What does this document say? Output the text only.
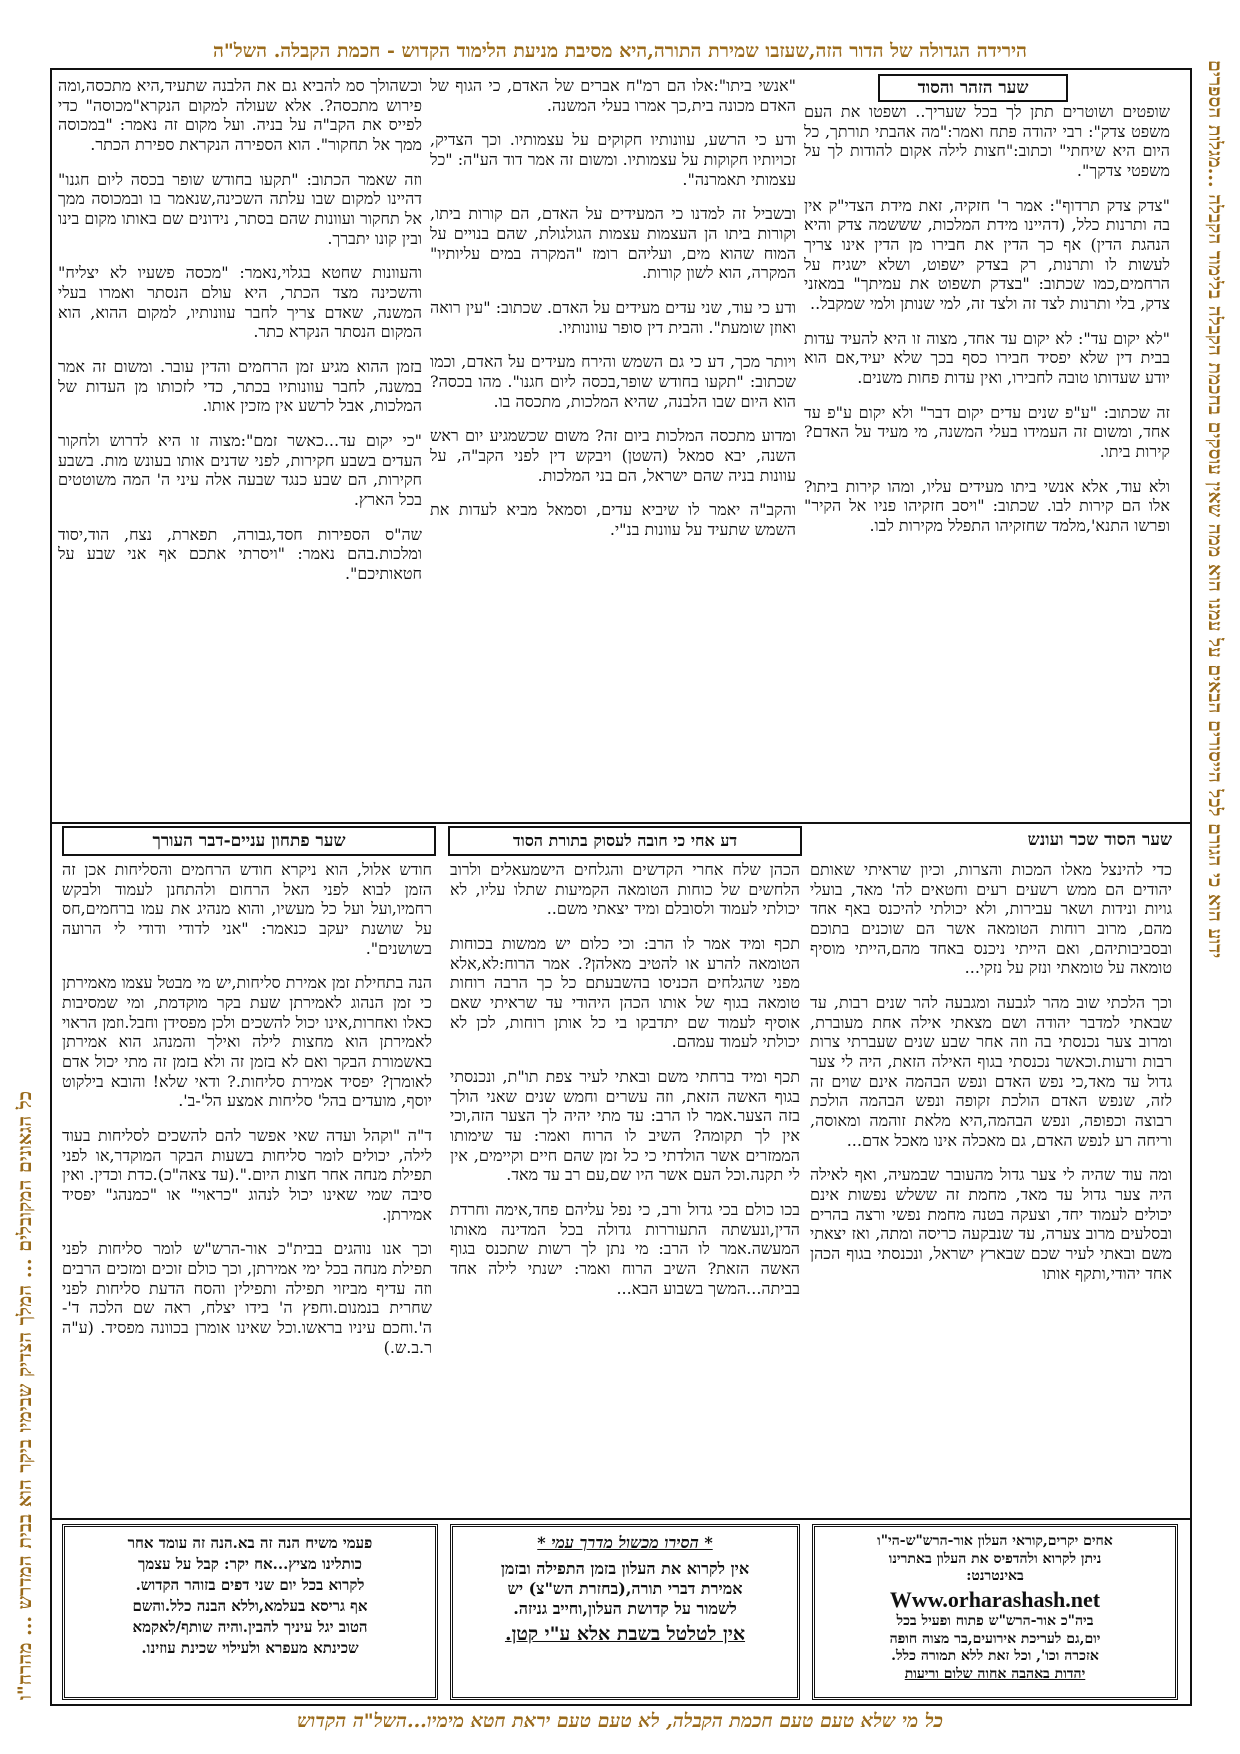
הירידה הגדולה של הדור הזה,שעזבו שמירת התורה,היא מסיבת מניעת הלימוד הקדוש - חכמת הקבלה. השל"ה
כל מי שלא טעם טעם חכמת הקבלה, לא טעם טעם יראת חטא מימיו...השל"ה הקדוש
ידוע הוא כי הגורם לכל הייסורים הבאים על עמנו הוא ממה שאין עוסקים בחכמת הקבלה בלימוד הקבלה ...מגלות הספרים
כל הגאונים המקובלים ... המלך הצדיק שבימיו ביקר הוא בבית המדרש ... מהרח"ו
שער הזהר והסוד

שופטים ושוטרים תתן לך בכל שעריך.. ושפטו את העם משפט צדק": רבי יהודה פתח ואמר:"מה אהבתי תורתך, כל היום היא שיחתי" וכתוב:"חצות לילה אקום להודות לך על משפטי צדקך".

"צדק צדק תרדוף": אמר ר' חזקיה, זאת מידת הצדי"ק אין בה ותרנות כלל, (דהיינו מידת המלכות, שששמה צדק והיא הנהגת הדין) אף כך הדין את חבירו מן הדין אינו צריך לעשות לו ותרנות, רק בצדק ישפוט, ושלא ישגיח על הרחמים,כמו שכתוב: "בצדק תשפוט את עמיתך" במאזני צדק, בלי ותרנות לצד זה ולצד זה, למי שנותן ולמי שמקבל..

"לא יקום עד": לא יקום עד אחד, מצוה זו היא להעיד עדות בבית דין שלא יפסיד חבירו כסף בכך שלא יעיד,אם הוא יודע שעדותו טובה לחבירו, ואין עדות פחות משנים.

זה שכתוב: "ע"פ שנים עדים יקום דבר" ולא יקום ע"פ עד אחד, ומשום זה העמידו בעלי המשנה, מי מעיד על האדם? קירות ביתו.

ולא עוד, אלא אנשי ביתו מעידים עליו, ומהו קירות ביתו? אלו הם קירות לבו. שכתוב: "ויסב חזקיהו פניו אל הקיר" ופרשו התנא',מלמד שחזקיהו התפלל מקירות לבו.

"אנשי ביתו":אלו הם רמ"ח אברים של האדם, כי הגוף של האדם מכונה בית,כך אמרו בעלי המשנה.

ודע כי הרשע, עוונותיו חקוקים על עצמותיו. וכך הצדיק, זכויותיו חקוקות על עצמותיו. ומשום זה אמר דוד הע"ה: "כל עצמותי תאמרנה".

ובשביל זה למדנו כי המעידים על האדם, הם קורות ביתו, וקורות ביתו הן העצמות עצמות הגולגולת, שהם בנויים על המוח שהוא מים, ועליהם רומז "המקרה במים עליותיו" המקרה, הוא לשון קורות.

ודע כי עוד, שני עדים מעידים על האדם. שכתוב: "עין רואה ואוזן שומעת". והבית דין סופר עוונותיו.

ויותר מכך, דע כי גם השמש והירח מעידים על האדם, וכמו שכתוב: "תקעו בחודש שופר,בכסה ליום חגנו". מהו בכסה? הוא היום שבו הלבנה, שהיא המלכות, מתכסה בו.

ומדוע מתכסה המלכות ביום זה? משום שכשמגיע יום ראש השנה, יבא סמאל (השטן) ויבקש דין לפני הקב"ה, על עוונות בניה שהם ישראל, הם בני המלכות.

והקב"ה יאמר לו שיביא עדים, וסמאל מביא לעדות את השמש שתעיד על עוונות בנ"י.

וכשהולך סמ להביא גם את הלבנה שתעיד,היא מתכסה,ומה פירוש מתכסה?. אלא שעולה למקום הנקרא"מכוסה" כדי לפייס את הקב"ה על בניה. ועל מקום זה נאמר: "במכוסה ממך אל תחקור". הוא הספירה הנקראת ספירת הכתר.

וזה שאמר הכתוב: "תקעו בחודש שופר בכסה ליום חגנו" דהיינו למקום שבו עלתה השכינה,שנאמר בו ובמכוסה ממך אל תחקור ועוונות שהם בסתר, נידונים שם באותו מקום בינו ובין קונו יתברך.

והעוונות שחטא בגלוי,נאמר: "מכסה פשעיו לא יצליח" והשכינה מצד הכתר, היא עולם הנסתר ואמרו בעלי המשנה, שאדם צריך לחבר עוונותיו, למקום ההוא, הוא המקום הנסתר הנקרא כתר.

בזמן ההוא מגיע זמן הרחמים והדין עובר. ומשום זה אמר במשנה, לחבר עוונותיו בכתר, כדי לזכותו מן העדות של המלכות, אבל לרשע אין מזכין אותו.

"כי יקום עד...כאשר זמם":מצוה זו היא לדרוש ולחקור העדים בשבע חקירות, לפני שדנים אותו בעונש מות. בשבע חקירות, הם שבע כנגד שבעה אלה עיני ה' המה משוטטים בכל הארץ.

שה"ס הספירות חסד,גבורה, תפארת, נצח, הוד,יסוד ומלכות.בהם נאמר: "ויסרתי אתכם אף אני שבע על חטאותיכם".

שער הסוד שכר ועונש
דע אחי כי חובה לעסוק בתורת הסוד
שער פתחון עניים-דבר העורך

כדי להינצל מאלו המכות והצרות, וכיון שראיתי שאותם יהודים הם ממש רשעים רעים וחטאים לה' מאד, בועלי גויות ונידות ושאר עבירות, ולא יכולתי להיכנס באף אחד מהם, מרוב רוחות הטומאה אשר הם שוכנים בתוכם ובסביבותיהם, ואם הייתי ניכנס באחד מהם,הייתי מוסיף טומאה על טומאתי ונזק על נזקי...

וכך הלכתי שוב מהר לגבעה ומגבעה להר שנים רבות, עד שבאתי למדבר יהודה ושם מצאתי אילה אחת מעוברת, ומרוב צער נכנסתי בה וזה אחר שבע שנים שעברתי צרות רבות ורעות.וכאשר נכנסתי בגוף האילה הזאת, היה לי צער גדול עד מאד,כי נפש האדם ונפש הבהמה אינם שוים זה לזה, שנפש האדם הולכת זקופה ונפש הבהמה הולכת רבוצה וכפופה, ונפש הבהמה,היא מלאת זוהמה ומאוסה, וריחה רע לנפש האדם, גם מאכלה אינו מאכל אדם...

ומה עוד שהיה לי צער גדול מהעובר שבמעיה, ואף לאילה היה צער גדול עד מאד, מחמת זה ששלש נפשות אינם יכולים לעמוד יחד, וצעקה בטנה מחמת נפשי ורצה בהרים ובסלעים מרוב צערה, עד שנבקעה כריסה ומתה, ואז יצאתי משם ובאתי לעיר שכם שבארץ ישראל, ונכנסתי בגוף הכהן אחד יהודי,ותקף אותו

הכהן שלח אחרי הקדשים והגלחים הישמעאלים ולרוב הלחשים של כוחות הטומאה הקמיעות שתלו עליו, לא יכולתי לעמוד ולסובלם ומיד יצאתי משם..

תכף ומיד אמר לו הרב: וכי כלום יש ממשות בכוחות הטומאה להרע או להטיב מאלהן?. אמר הרוח:לא,אלא מפני שהגלחים הכניסו בהשבעתם כל כך הרבה רוחות טומאה בגוף של אותו הכהן היהודי עד שראיתי שאם אוסיף לעמוד שם יתדבקו בי כל אותן רוחות, לכן לא יכולתי לעמוד עמהם.

תכף ומיד ברחתי משם ובאתי לעיר צפת תו"ת, ונכנסתי בגוף האשה הזאת, וזה עשרים וחמש שנים שאני הולך בזה הצער.אמר לו הרב: עד מתי יהיה לך הצער הזה,וכי אין לך תקומה? השיב לו הרוח ואמר: עד שימותו הממזרים אשר הולדתי כי כל זמן שהם חיים וקיימים, אין לי תקנה.וכל העם אשר היו שם,עם רב עד מאד.

בכו כולם בכי גדול ורב, כי נפל עליהם פחד,אימה וחרדת הדין,ונעשתה התעוררות גדולה בכל המדינה מאותו המעשה.אמר לו הרב: מי נתן לך רשות שתכנס בגוף האשה הזאת? השיב הרוח ואמר: ישנתי לילה אחד בביתה...המשך בשבוע הבא...

חודש אלול, הוא ניקרא חודש הרחמים והסליחות אכן זה הזמן לבוא לפני האל הרחום ולהתחנן לעמוד ולבקש רחמיו,ועל ועל כל מעשיו, והוא מנהיג את עמו ברחמים,חס על שושנת יעקב כנאמר: "אני לדודי ודודי לי הרועה בשושנים".

הנה בתחילת זמן אמירת סליחות,יש מי מבטל עצמו מאמירתן כי זמן הנהוג לאמירתן שעת בקר מוקדמת, ומי שמסיבות כאלו ואחרות,אינו יכול להשכים ולכן מפסידן וחבל.וזמן הראוי לאמירתן הוא מחצות לילה ואילך והמנהג הוא אמירתן באשמורת הבקר ואם לא בזמן זה ולא בזמן זה מתי יכול אדם לאומרן? יפסיד אמירת סליחות.? ודאי שלא! והובא בילקוט יוסף, מועדים בהל' סליחות אמצע הל'-ב'.

ד"ה "וקהל ועדה שאי אפשר להם להשכים לסליחות בעוד לילה, יכולים לומר סליחות בשעות הבקר המוקדר,או לפני תפילת מנחה אחר חצות היום.".(עד צאה"כ).כדת וכדין. ואין סיבה שמי שאינו יכול לנהוג "כראוי" או "כמנהג" יפסיד אמירתן.

וכך אנו נוהגים בבית"כ אור-הרש"ש לומר סליחות לפני תפילת מנחה בכל ימי אמירתן, וכך כולם זוכים ומזכים הרבים וזה עדיף מביזוי תפילה ותפילין והסח הדעת סליחות לפני שחרית בנמנום.וחפץ ה' בידו יצלח, ראה שם הלכה ד'-ה'.וחכם עיניו בראשו.וכל שאינו אומרן בכוונה מפסיד. (ע"ה ר.ב.ש.)

אחים יקרים,קוראי העלון אור-הרש"ש-הי"ו
ניתן לקרוא ולהדפיס את העלון באתרינו
באינטרנט:
Www.orharashash.net
ביה"כ אור-הרש"ש פתוח ופעיל בכל
יום,גם לעריכת אירועים,בר מצוה חופה
אזכרה וכו', וכל זאת ללא תמורה כלל.
יהדות באהבה אחוה שלום וריעות
* הסירו מכשול מדרך עמי *
אין לקרוא את העלון בזמן התפילה ובזמן
אמירת דברי תורה,(בחזרת הש"צ) יש
לשמור על קדושת העלון,וחייב גניזה.
אין לטלטל בשבת אלא ע"י קטן.
פעמי משיח הנה זה בא.הנה זה עומד אחר
כותלינו מציץ...אח יקר: קבל על עצמך
לקרוא בכל יום שני דפים בזוהר הקדוש.
אף גריסא בעלמא,וללא הבנה כלל.והשם
הטוב יגל עיניך להבין.והיה שותף/לאקמא
שכינתא מעפרא ולעילוי שכינת עוזינו.
